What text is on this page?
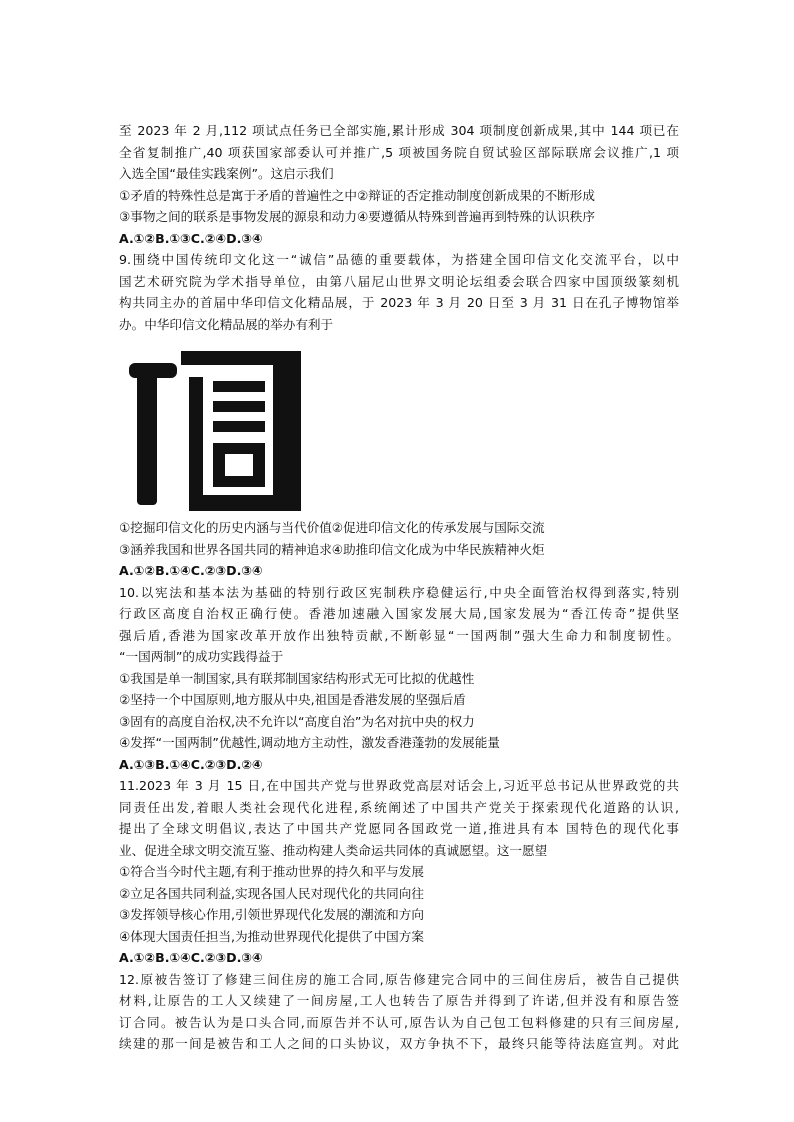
至 2023 年 2 月,112 项试点任务已全部实施,累计形成 304 项制度创新成果,其中 144 项已在
全省复制推广,40 项获国家部委认可并推广,5 项被国务院自贸试验区部际联席会议推广,1 项
入选全国“最佳实践案例”。这启示我们
①矛盾的特殊性总是寓于矛盾的普遍性之中②辩证的否定推动制度创新成果的不断形成
③事物之间的联系是事物发展的源泉和动力④要遵循从特殊到普遍再到特殊的认识秩序
A.①②B.①③C.②④D.③④
9.围绕中国传统印文化这一“诚信”品德的重要载体，为搭建全国印信文化交流平台，以中
国艺术研究院为学术指导单位，由第八届尼山世界文明论坛组委会联合四家中国顶级篆刻机
构共同主办的首届中华印信文化精品展，于 2023 年 3 月 20 日至 3 月 31 日在孔子博物馆举
办。中华印信文化精品展的举办有利于
①挖掘印信文化的历史内涵与当代价值②促进印信文化的传承发展与国际交流
③涵养我国和世界各国共同的精神追求④助推印信文化成为中华民族精神火炬
A.①②B.①④C.②③D.③④
10.以宪法和基本法为基础的特别行政区宪制秩序稳健运行,中央全面管治权得到落实,特别
行政区高度自治权正确行使。香港加速融入国家发展大局,国家发展为“香江传奇”提供坚
强后盾,香港为国家改革开放作出独特贡献,不断彰显“一国两制”强大生命力和制度韧性。
“一国两制”的成功实践得益于
①我国是单一制国家,具有联邦制国家结构形式无可比拟的优越性
②坚持一个中国原则,地方服从中央,祖国是香港发展的坚强后盾
③固有的高度自治权,决不允许以“高度自治”为名对抗中央的权力
④发挥“一国两制”优越性,调动地方主动性，激发香港蓬勃的发展能量
A.①③B.①④C.②③D.②④
11.2023 年 3 月 15 日,在中国共产党与世界政党高层对话会上,习近平总书记从世界政党的共
同责任出发,着眼人类社会现代化进程,系统阐述了中国共产党关于探索现代化道路的认识,
提出了全球文明倡议,表达了中国共产党愿同各国政党一道,推进具有本 国特色的现代化事
业、促进全球文明交流互鉴、推动构建人类命运共同体的真诚愿望。这一愿望
①符合当今时代主题,有利于推动世界的持久和平与发展
②立足各国共同利益,实现各国人民对现代化的共同向往
③发挥领导核心作用,引领世界现代化发展的潮流和方向
④体现大国责任担当,为推动世界现代化提供了中国方案
A.①②B.①④C.②③D.③④
12.原被告签订了修建三间住房的施工合同,原告修建完合同中的三间住房后，被告自己提供
材料,让原告的工人又续建了一间房屋,工人也转告了原告并得到了许诺,但并没有和原告签
订合同。被告认为是口头合同,而原告并不认可,原告认为自己包工包料修建的只有三间房屋,
续建的那一间是被告和工人之间的口头协议，双方争执不下，最终只能等待法庭宣判。对此
